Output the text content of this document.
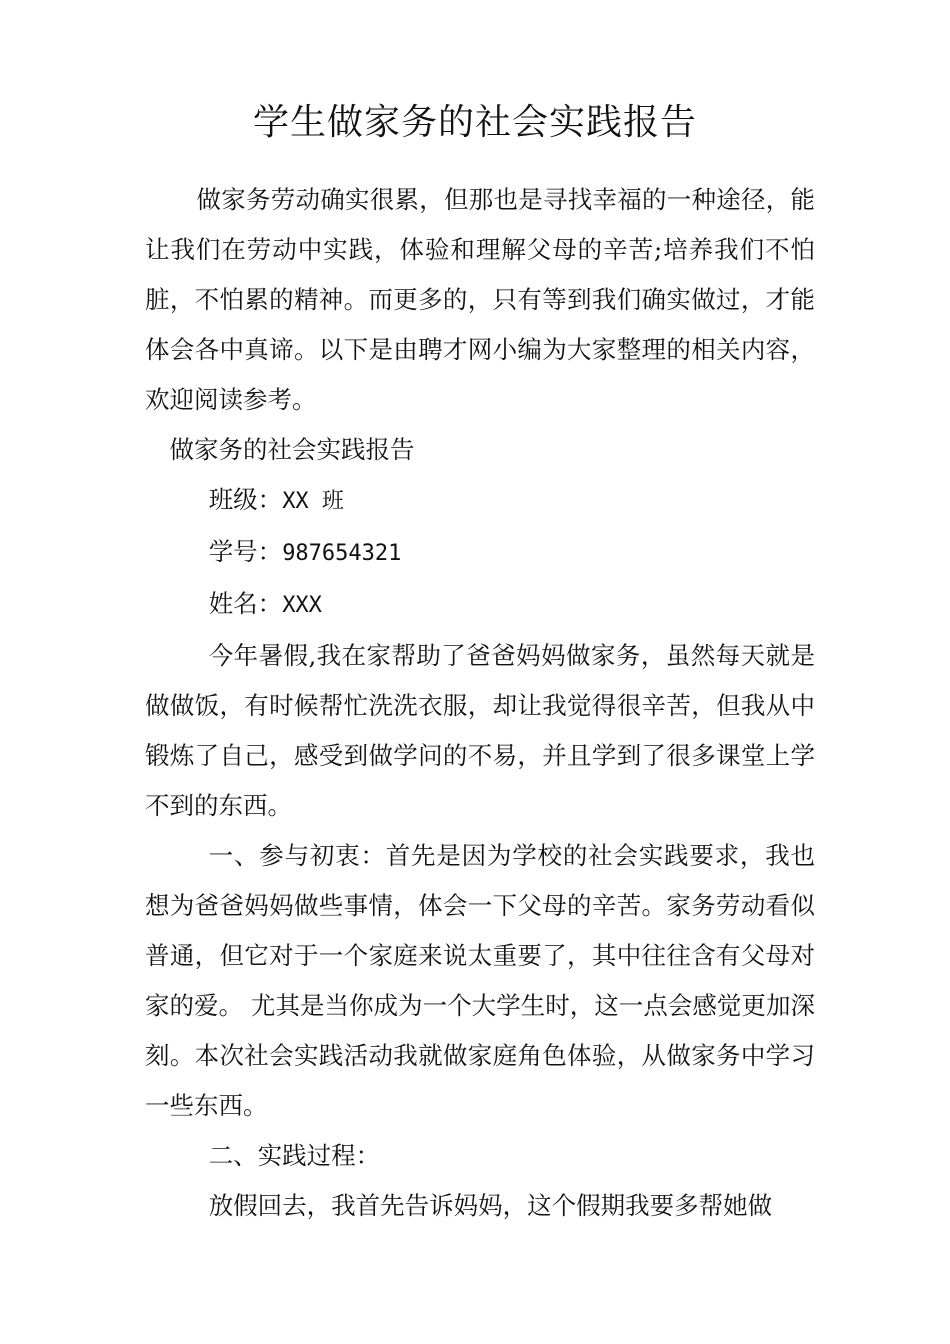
学生做家务的社会实践报告

做家务劳动确实很累，但那也是寻找幸福的一种途径，能让我们在劳动中实践，体验和理解父母的辛苦;培养我们不怕脏，不怕累的精神。而更多的，只有等到我们确实做过，才能体会各中真谛。以下是由聘才网小编为大家整理的相关内容，欢迎阅读参考。

做家务的社会实践报告

班级：XX 班

学号：987654321

姓名：XXX

今年暑假,我在家帮助了爸爸妈妈做家务，虽然每天就是做做饭，有时候帮忙洗洗衣服，却让我觉得很辛苦，但我从中锻炼了自己，感受到做学问的不易，并且学到了很多课堂上学不到的东西。

一、参与初衷：首先是因为学校的社会实践要求，我也想为爸爸妈妈做些事情，体会一下父母的辛苦。家务劳动看似普通，但它对于一个家庭来说太重要了，其中往往含有父母对家的爱。 尤其是当你成为一个大学生时，这一点会感觉更加深刻。本次社会实践活动我就做家庭角色体验，从做家务中学习一些东西。

二、实践过程：

放假回去，我首先告诉妈妈，这个假期我要多帮她做
